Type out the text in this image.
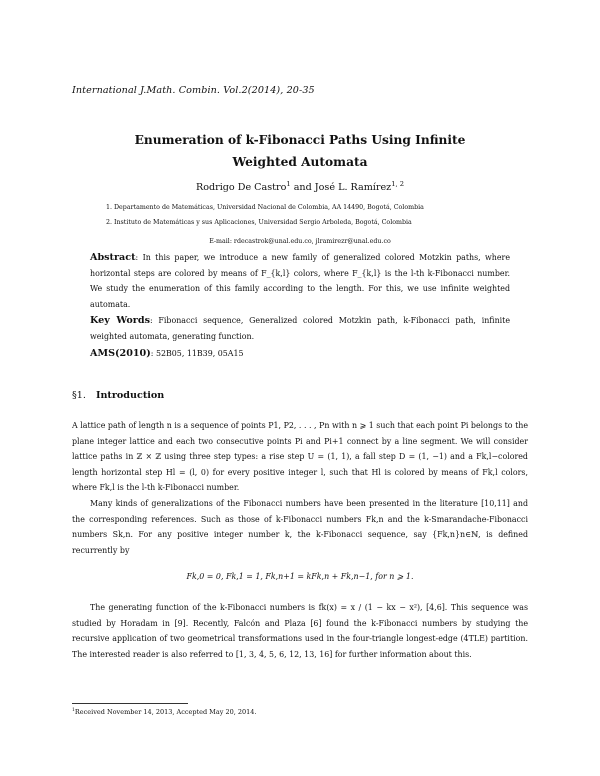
International J.Math. Combin. Vol.2(2014), 20-35
Enumeration of k-Fibonacci Paths Using Infinite
Weighted Automata
Rodrigo De Castro$^1$ and José L. Ramírez$^{1, 2}$
1. Departamento de Matemáticas, Universidad Nacional de Colombia, AA 14490, Bogotá, Colombia
2. Instituto de Matemáticas y sus Aplicaciones, Universidad Sergio Arboleda, Bogotá, Colombia
E-mail: rdecastrok@unal.edu.co, jlramirezr@unal.edu.co
Abstract: In this paper, we introduce a new family of generalized colored Motzkin paths, where horizontal steps are colored by means of F_{k,l} colors, where F_{k,l} is the l-th k-Fibonacci number. We study the enumeration of this family according to the length. For this, we use infinite weighted automata.
Key Words: Fibonacci sequence, Generalized colored Motzkin path, k-Fibonacci path, infinite weighted automata, generating function.
AMS(2010): 52B05, 11B39, 05A15
§1. Introduction
A lattice path of length n is a sequence of points P1, P2, . . . , Pn with n ⩾ 1 such that each point Pi belongs to the plane integer lattice and each two consecutive points Pi and Pi+1 connect by a line segment. We will consider lattice paths in ℤ × ℤ using three step types: a rise step U = (1, 1), a fall step D = (1, −1) and a Fk,l−colored length horizontal step Hl = (l, 0) for every positive integer l, such that Hl is colored by means of Fk,l colors, where Fk,l is the l-th k-Fibonacci number.
Many kinds of generalizations of the Fibonacci numbers have been presented in the literature [10,11] and the corresponding references. Such as those of k-Fibonacci numbers Fk,n and the k-Smarandache-Fibonacci numbers Sk,n. For any positive integer number k, the k-Fibonacci sequence, say {Fk,n}n∈ℕ, is defined recurrently by
Fk,0 = 0, Fk,1 = 1, Fk,n+1 = kFk,n + Fk,n−1, for n ⩾ 1.
The generating function of the k-Fibonacci numbers is fk(x) = x / (1 − kx − x²), [4,6]. This sequence was studied by Horadam in [9]. Recently, Falcón and Plaza [6] found the k-Fibonacci numbers by studying the recursive application of two geometrical transformations used in the four-triangle longest-edge (4TLE) partition. The interested reader is also referred to [1, 3, 4, 5, 6, 12, 13, 16] for further information about this.
$^1$Received November 14, 2013, Accepted May 20, 2014.
